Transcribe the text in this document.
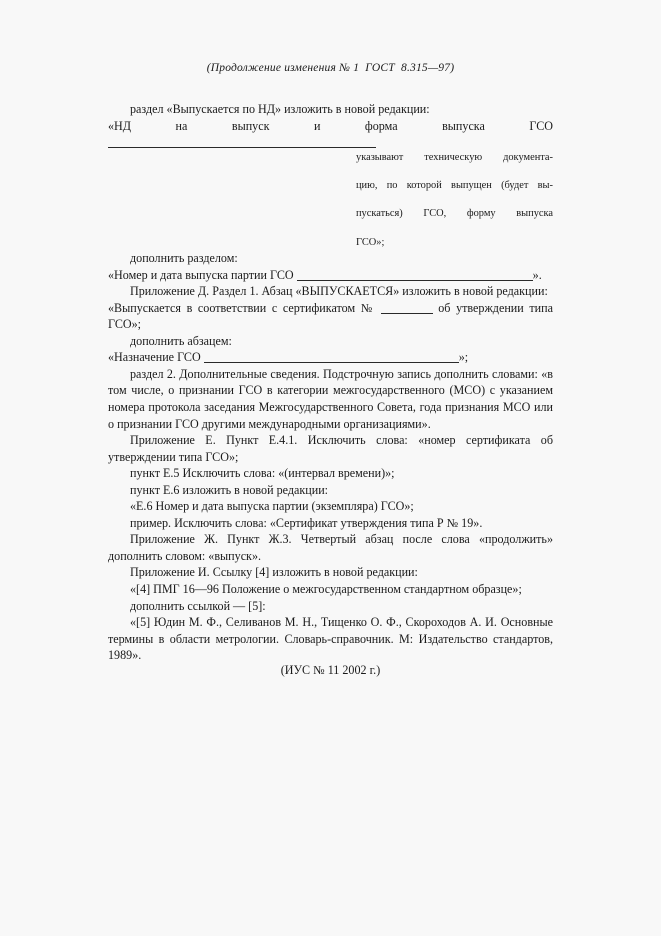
(Продолжение изменения № 1  ГОСТ  8.315—97)

раздел «Выпускается по НД» изложить в новой редакции:

«НД на выпуск и форма выпуска ГСО

указывают техническую документа-
цию, по которой выпущен (будет вы-
пускаться) ГСО, форму выпуска
ГСО»;

дополнить разделом:

«Номер и дата выпуска партии ГСО	».

Приложение Д. Раздел 1. Абзац «ВЫПУСКАЕТСЯ» изложить в новой редакции:

«Выпускается в соответствии с сертификатом №	об утверждении типа ГСО»;

дополнить абзацем:

«Назначение ГСО	»;

раздел 2. Дополнительные сведения. Подстрочную запись дополнить словами: «в том числе, о признании ГСО в категории межгосударственного (МСО) с указанием номера протокола заседания Межгосударственного Совета, года признания МСО или о признании ГСО другими международными организациями».

Приложение Е. Пункт Е.4.1. Исключить слова: «номер сертификата об утверждении типа ГСО»;

пункт Е.5 Исключить слова: «(интервал времени)»;

пункт Е.6 изложить в новой редакции:

«Е.6 Номер и дата выпуска партии (экземпляра) ГСО»;

пример. Исключить слова: «Сертификат утверждения типа Р № 19».

Приложение Ж. Пункт Ж.3. Четвертый абзац после слова «продолжить» дополнить словом: «выпуск».

Приложение И. Ссылку [4] изложить в новой редакции:

«[4] ПМГ 16—96 Положение о межгосударственном стандартном образце»;

дополнить ссылкой — [5]:

«[5] Юдин М. Ф., Селиванов М. Н., Тищенко О. Ф., Скороходов А. И. Основные термины в области метрологии. Словарь-справочник. М: Издательство стандартов, 1989».

(ИУС № 11 2002 г.)
